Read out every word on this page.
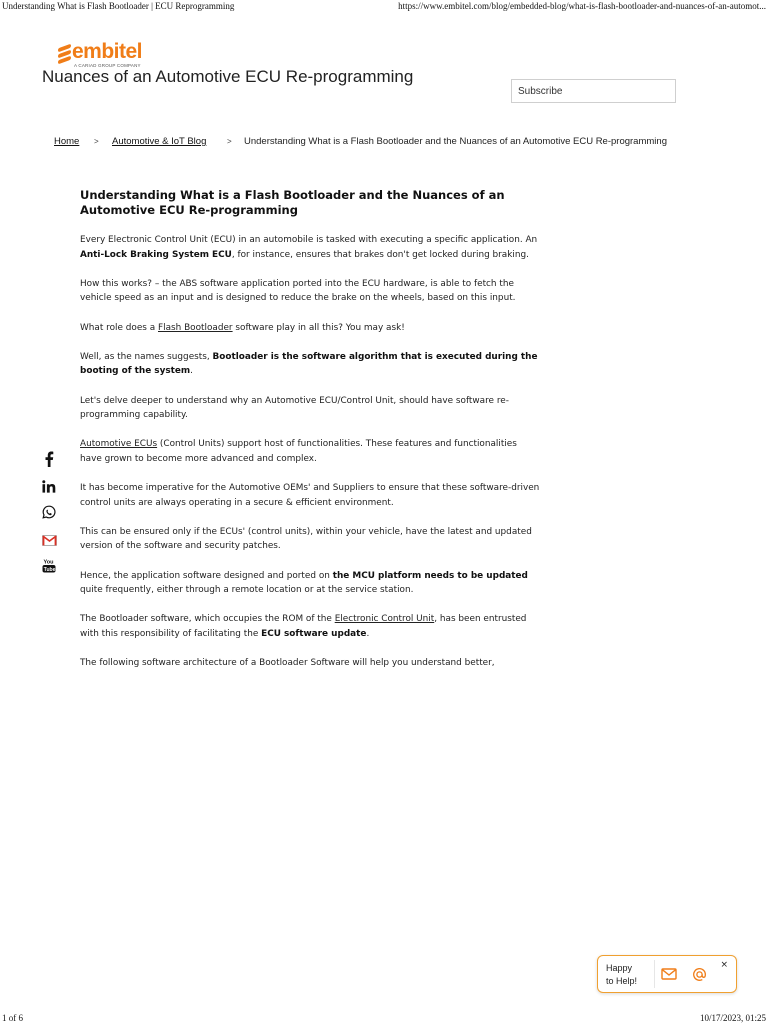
Understanding What is Flash Bootloader | ECU Reprogramming	https://www.embitel.com/blog/embedded-blog/what-is-flash-bootloader-and-nuances-of-an-automot...
embitel
A CARIAD GROUP COMPANY
Nuances of an Automotive ECU Re-programming
Subscribe
Home > Automotive & IoT Blog	> Understanding What is a Flash Bootloader and the Nuances of an Automotive ECU Re-programming
You
Tube
Understanding What is a Flash Bootloader and the Nuances of an Automotive ECU Re-programming

Every Electronic Control Unit (ECU) in an automobile is tasked with executing a specific application. An Anti-Lock Braking System ECU, for instance, ensures that brakes don't get locked during braking.

How this works? – the ABS software application ported into the ECU hardware, is able to fetch the vehicle speed as an input and is designed to reduce the brake on the wheels, based on this input.

What role does a Flash Bootloader software play in all this? You may ask!

Well, as the names suggests, Bootloader is the software algorithm that is executed during the booting of the system.

Let's delve deeper to understand why an Automotive ECU/Control Unit, should have software re-programming capability.

Automotive ECUs (Control Units) support host of functionalities. These features and functionalities have grown to become more advanced and complex.

It has become imperative for the Automotive OEMs' and Suppliers to ensure that these software-driven control units are always operating in a secure & efficient environment.

This can be ensured only if the ECUs' (control units), within your vehicle, have the latest and updated version of the software and security patches.

Hence, the application software designed and ported on the MCU platform needs to be updated quite frequently, either through a remote location or at the service station.

The Bootloader software, which occupies the ROM of the Electronic Control Unit, has been entrusted with this responsibility of facilitating the ECU software update.

The following software architecture of a Bootloader Software will help you understand better,

Happy
to Help!
×
1 of 6	10/17/2023, 01:25
